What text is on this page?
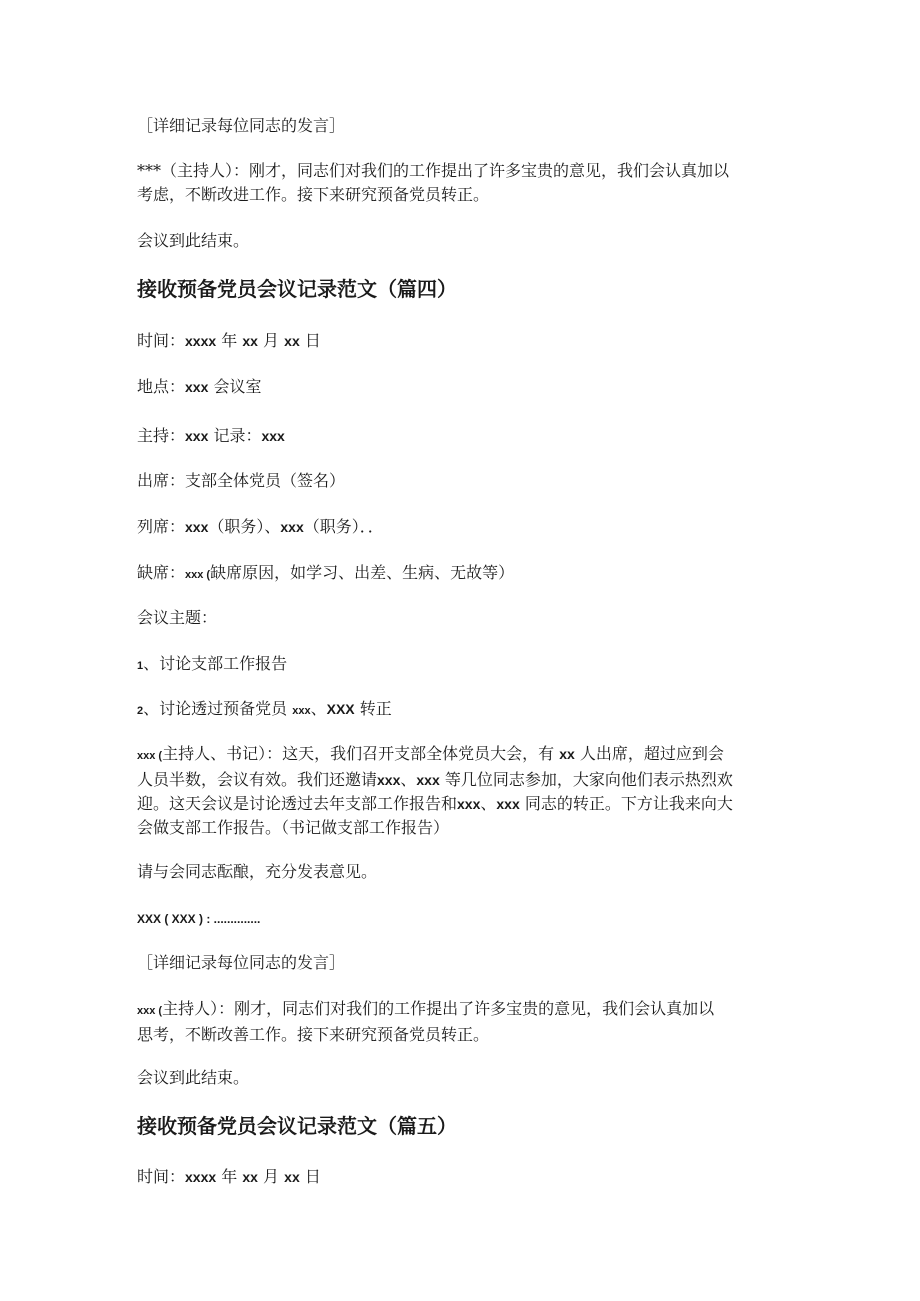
［详细记录每位同志的发言］

***（主持人）：刚才，同志们对我们的工作提出了许多宝贵的意见，我们会认真加以
考虑，不断改进工作。接下来研究预备党员转正。

会议到此结束。

接收预备党员会议记录范文（篇四）

时间：xxxx 年 xx 月 xx 日

地点：xxx 会议室

主持：xxx 记录：xxx

出席：支部全体党员（签名）

列席：xxx（职务）、xxx（职务）．．

缺席：xxx (缺席原因，如学习、出差、生病、无故等）

会议主题：

1、讨论支部工作报告

2、讨论透过预备党员 xxx、XXX 转正

xxx (主持人、书记）：这天，我们召开支部全体党员大会，有 xx 人出席，超过应到会
人员半数，会议有效。我们还邀请xxx、xxx 等几位同志参加，大家向他们表示热烈欢
迎。这天会议是讨论透过去年支部工作报告和xxx、xxx 同志的转正。下方让我来向大
会做支部工作报告。（书记做支部工作报告）

请与会同志酝酿，充分发表意见。

XXX ( XXX ) : ..............

［详细记录每位同志的发言］

xxx (主持人）：刚才，同志们对我们的工作提出了许多宝贵的意见，我们会认真加以
思考，不断改善工作。接下来研究预备党员转正。

会议到此结束。

接收预备党员会议记录范文（篇五）

时间：xxxx 年 xx 月 xx 日
